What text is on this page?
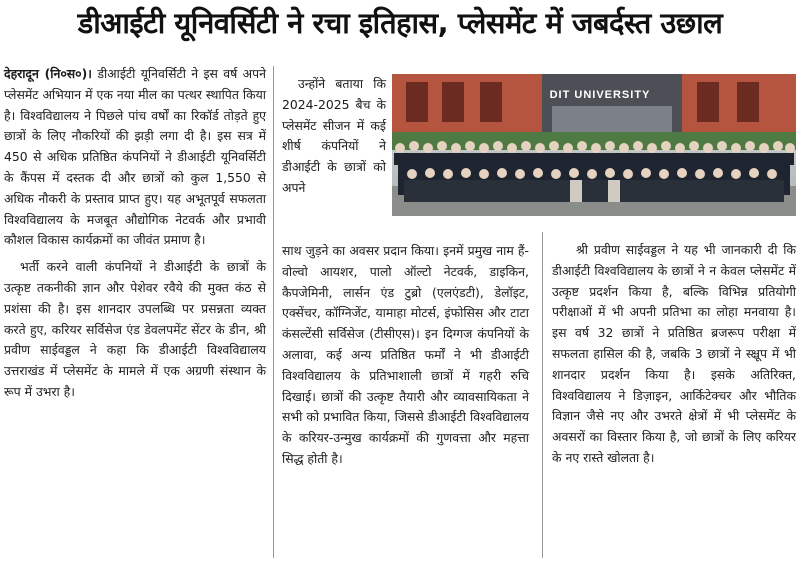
डीआईटी यूनिवर्सिटी ने रचा इतिहास, प्लेसमेंट में जबर्दस्त उछाल

देहरादून (नि०स०)। डीआईटी यूनिवर्सिटी ने इस वर्ष अपने प्लेसमेंट अभियान में एक नया मील का पत्थर स्थापित किया है। विश्वविद्यालय ने पिछले पांच वर्षों का रिकॉर्ड तोड़ते हुए छात्रों के लिए नौकरियों की झड़ी लगा दी है। इस सत्र में 450 से अधिक प्रतिष्ठित कंपनियों ने डीआईटी यूनिवर्सिटी के कैंपस में दस्तक दी और छात्रों को कुल 1,550 से अधिक नौकरी के प्रस्ताव प्राप्त हुए। यह अभूतपूर्व सफलता विश्वविद्यालय के मजबूत औद्योगिक नेटवर्क और प्रभावी कौशल विकास कार्यक्रमों का जीवंत प्रमाण है।

भर्ती करने वाली कंपनियों ने डीआईटी के छात्रों के उत्कृष्ट तकनीकी ज्ञान और पेशेवर रवैये की मुक्त कंठ से प्रशंसा की है। इस शानदार उपलब्धि पर प्रसन्नता व्यक्त करते हुए, करियर सर्विसेज एंड डेवलपमेंट सेंटर के डीन, श्री प्रवीण साईवड्डल ने कहा कि डीआईटी विश्वविद्यालय उत्तराखंड में प्लेसमेंट के मामले में एक अग्रणी संस्थान के रूप में उभरा है।

उन्होंने बताया कि 2024-2025 बैच के प्लेसमेंट सीजन में कई शीर्ष कंपनियों ने डीआईटी के छात्रों को अपने

DIT UNIVERSITY

साथ जुड़ने का अवसर प्रदान किया। इनमें प्रमुख नाम हैं- वोल्वो आयशर, पालो ऑल्टो नेटवर्क, डाइकिन, कैपजेमिनी, लार्सन एंड टुब्रो (एलएंडटी), डेलॉइट, एक्सेंचर, कॉग्निजेंट, यामाहा मोटर्स, इंफोसिस और टाटा कंसल्टेंसी सर्विसेज (टीसीएस)। इन दिग्गज कंपनियों के अलावा, कई अन्य प्रतिष्ठित फर्मों ने भी डीआईटी विश्वविद्यालय के प्रतिभाशाली छात्रों में गहरी रुचि दिखाई। छात्रों की उत्कृष्ट तैयारी और व्यावसायिकता ने सभी को प्रभावित किया, जिससे डीआईटी विश्वविद्यालय के करियर-उन्मुख कार्यक्रमों की गुणवत्ता और महत्ता सिद्ध होती है।

श्री प्रवीण साईवड्डल ने यह भी जानकारी दी कि डीआईटी विश्वविद्यालय के छात्रों ने न केवल प्लेसमेंट में उत्कृष्ट प्रदर्शन किया है, बल्कि विभिन्न प्रतियोगी परीक्षाओं में भी अपनी प्रतिभा का लोहा मनवाया है। इस वर्ष 32 छात्रों ने प्रतिष्ठित ब्रजरूप परीक्षा में सफलता हासिल की है, जबकि 3 छात्रों ने स्क्ष्रूप में भी शानदार प्रदर्शन किया है। इसके अतिरिक्त, विश्वविद्यालय ने डिज़ाइन, आर्किटेक्चर और भौतिक विज्ञान जैसे नए और उभरते क्षेत्रों में भी प्लेसमेंट के अवसरों का विस्तार किया है, जो छात्रों के लिए करियर के नए रास्ते खोलता है।
